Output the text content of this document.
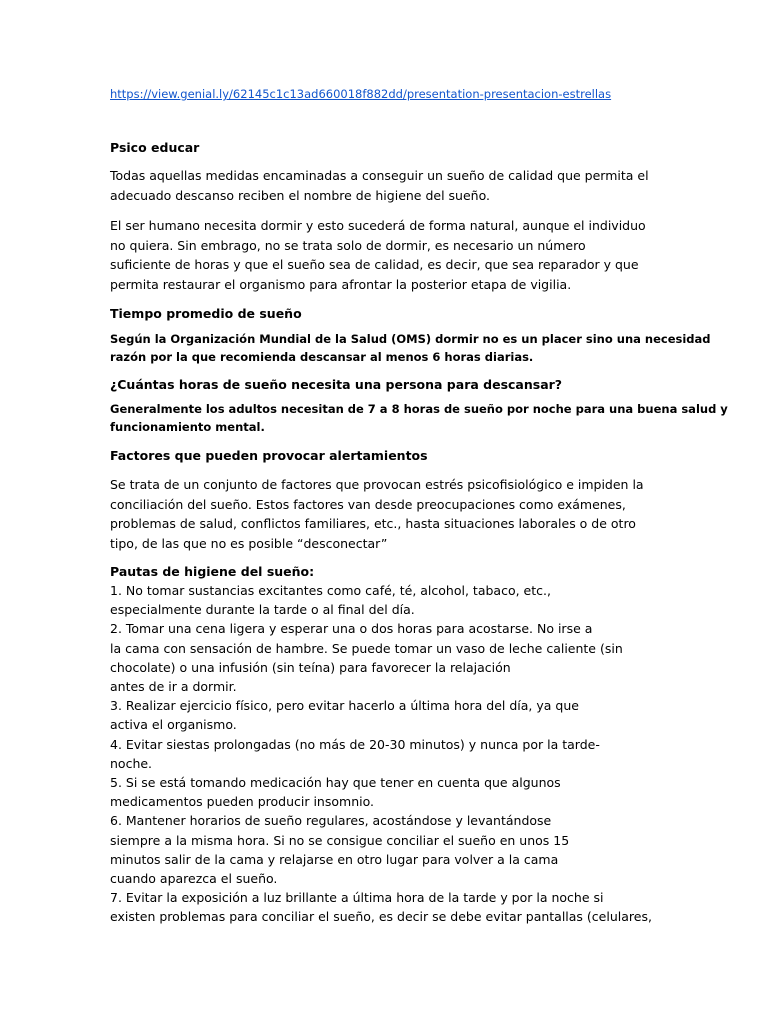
https://view.genial.ly/62145c1c13ad660018f882dd/presentation-presentacion-estrellas
Psico educar
Todas aquellas medidas encaminadas a conseguir un sueño de calidad que permita el
adecuado descanso reciben el nombre de higiene del sueño.
El ser humano necesita dormir y esto sucederá de forma natural, aunque el individuo
no quiera. Sin embrago, no se trata solo de dormir, es necesario un número
suficiente de horas y que el sueño sea de calidad, es decir, que sea reparador y que
permita restaurar el organismo para afrontar la posterior etapa de vigilia.
Tiempo promedio de sueño
Según la Organización Mundial de la Salud (OMS) dormir no es un placer sino una necesidad
razón por la que recomienda descansar al menos 6 horas diarias.
¿Cuántas horas de sueño necesita una persona para descansar?
Generalmente los adultos necesitan de 7 a 8 horas de sueño por noche para una buena salud y
funcionamiento mental.
Factores que pueden provocar alertamientos
Se trata de un conjunto de factores que provocan estrés psicofisiológico e impiden la
conciliación del sueño. Estos factores van desde preocupaciones como exámenes,
problemas de salud, conflictos familiares, etc., hasta situaciones laborales o de otro
tipo, de las que no es posible “desconectar”
Pautas de higiene del sueño:
1. No tomar sustancias excitantes como café, té, alcohol, tabaco, etc.,
especialmente durante la tarde o al final del día.
2. Tomar una cena ligera y esperar una o dos horas para acostarse. No irse a
la cama con sensación de hambre. Se puede tomar un vaso de leche caliente (sin
chocolate) o una infusión (sin teína) para favorecer la relajación
antes de ir a dormir.
3. Realizar ejercicio físico, pero evitar hacerlo a última hora del día, ya que
activa el organismo.
4. Evitar siestas prolongadas (no más de 20-30 minutos) y nunca por la tarde-
noche.
5. Si se está tomando medicación hay que tener en cuenta que algunos
medicamentos pueden producir insomnio.
6. Mantener horarios de sueño regulares, acostándose y levantándose
siempre a la misma hora. Si no se consigue conciliar el sueño en unos 15
minutos salir de la cama y relajarse en otro lugar para volver a la cama
cuando aparezca el sueño.
7. Evitar la exposición a luz brillante a última hora de la tarde y por la noche si
existen problemas para conciliar el sueño, es decir se debe evitar pantallas (celulares,
